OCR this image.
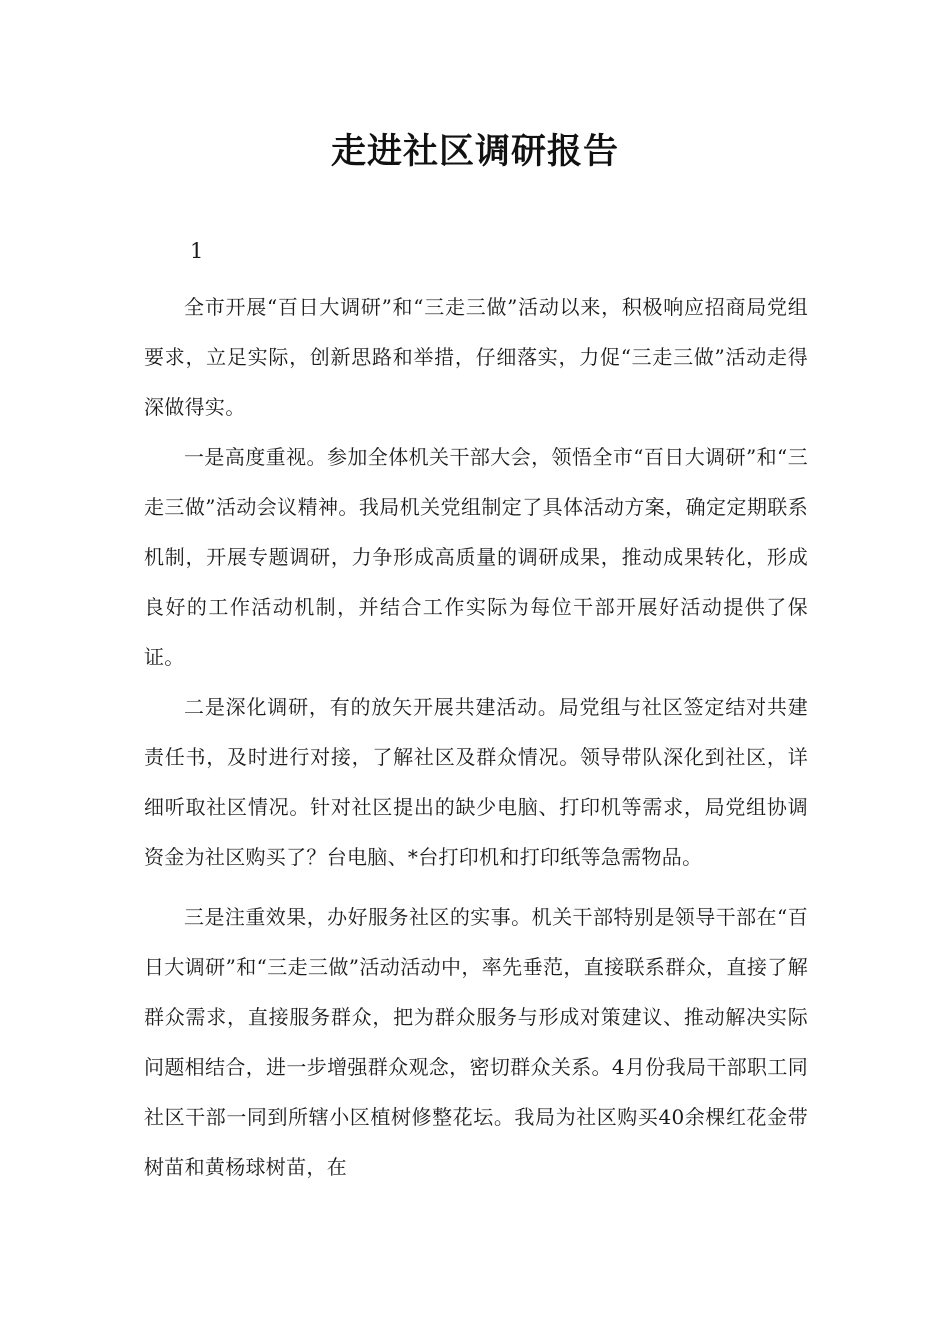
走进社区调研报告

1

全市开展“百日大调研”和“三走三做”活动以来，积极响应招商局党组要求，立足实际，创新思路和举措，仔细落实，力促“三走三做”活动走得深做得实。

一是高度重视。参加全体机关干部大会，领悟全市“百日大调研”和“三走三做”活动会议精神。我局机关党组制定了具体活动方案，确定定期联系机制，开展专题调研，力争形成高质量的调研成果，推动成果转化，形成良好的工作活动机制，并结合工作实际为每位干部开展好活动提供了保证。

二是深化调研，有的放矢开展共建活动。局党组与社区签定结对共建责任书，及时进行对接，了解社区及群众情况。领导带队深化到社区，详细听取社区情况。针对社区提出的缺少电脑、打印机等需求，局党组协调资金为社区购买了？台电脑、*台打印机和打印纸等急需物品。

三是注重效果，办好服务社区的实事。机关干部特别是领导干部在“百日大调研”和“三走三做”活动活动中，率先垂范，直接联系群众，直接了解群众需求，直接服务群众，把为群众服务与形成对策建议、推动解决实际问题相结合，进一步增强群众观念，密切群众关系。4月份我局干部职工同社区干部一同到所辖小区植树修整花坛。我局为社区购买40余棵红花金带树苗和黄杨球树苗，在
